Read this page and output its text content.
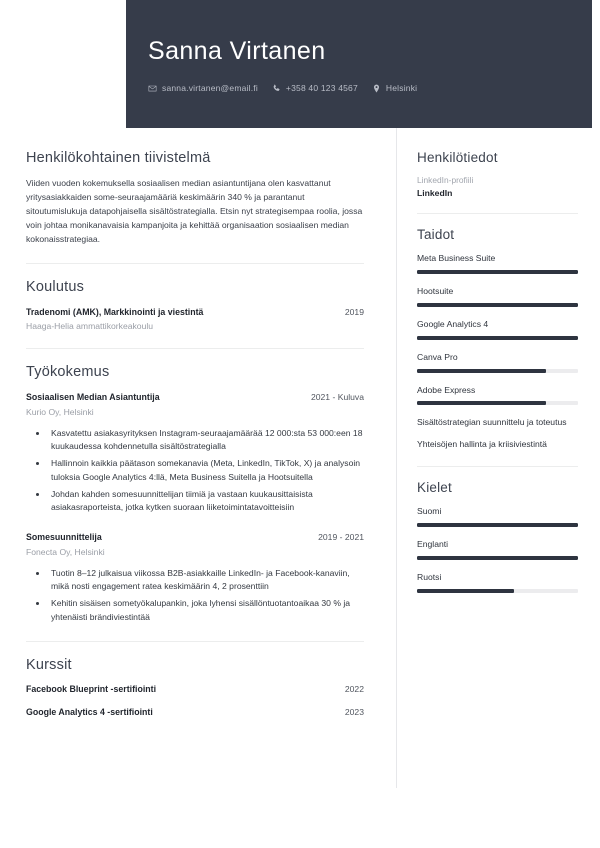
Sanna Virtanen
sanna.virtanen@email.fi	+358 40 123 4567	Helsinki
Henkilökohtainen tiivistelmä

Viiden vuoden kokemuksella sosiaalisen median asiantuntijana olen kasvattanut yritysasiakkaiden some-seuraajamääriä keskimäärin 340 % ja parantanut sitoutumislukuja datapohjaisella sisältöstrategialla. Etsin nyt strategisempaa roolia, jossa voin johtaa monikanavaisia kampanjoita ja kehittää organisaation sosiaalisen median kokonaisstrategiaa.

Koulutus
Tradenomi (AMK), Markkinointi ja viestintä	2019
Haaga-Helia ammattikorkeakoulu
Työkokemus
Sosiaalisen Median Asiantuntija	2021 - Kuluva
Kurio Oy, Helsinki
• Kasvatettu asiakasyrityksen Instagram-seuraajamäärää 12 000:sta 53 000:een 18 kuukaudessa kohdennetulla sisältöstrategialla
• Hallinnoin kaikkia päätason somekanavia (Meta, LinkedIn, TikTok, X) ja analysoin tuloksia Google Analytics 4:llä, Meta Business Suitella ja Hootsuitella
• Johdan kahden somesuunnittelijan tiimiä ja vastaan kuukausittaisista asiakasraporteista, jotka kytken suoraan liiketoimintatavoitteisiin
Somesuunnittelija	2019 - 2021
Fonecta Oy, Helsinki
• Tuotin 8–12 julkaisua viikossa B2B-asiakkaille LinkedIn- ja Facebook-kanaviin, mikä nosti engagement ratea keskimäärin 4, 2 prosenttiin
• Kehitin sisäisen sometyökalupankin, joka lyhensi sisällöntuotantoaikaa 30 % ja yhtenäisti brändiviestintää
Kurssit
Facebook Blueprint -sertifiointi	2022
Google Analytics 4 -sertifiointi	2023
Henkilötiedot
LinkedIn-profiili
LinkedIn
Taidot
Meta Business Suite
Hootsuite
Google Analytics 4
Canva Pro
Adobe Express
Sisältöstrategian suunnittelu ja toteutus
Yhteisöjen hallinta ja kriisiviestintä
Kielet
Suomi
Englanti
Ruotsi
